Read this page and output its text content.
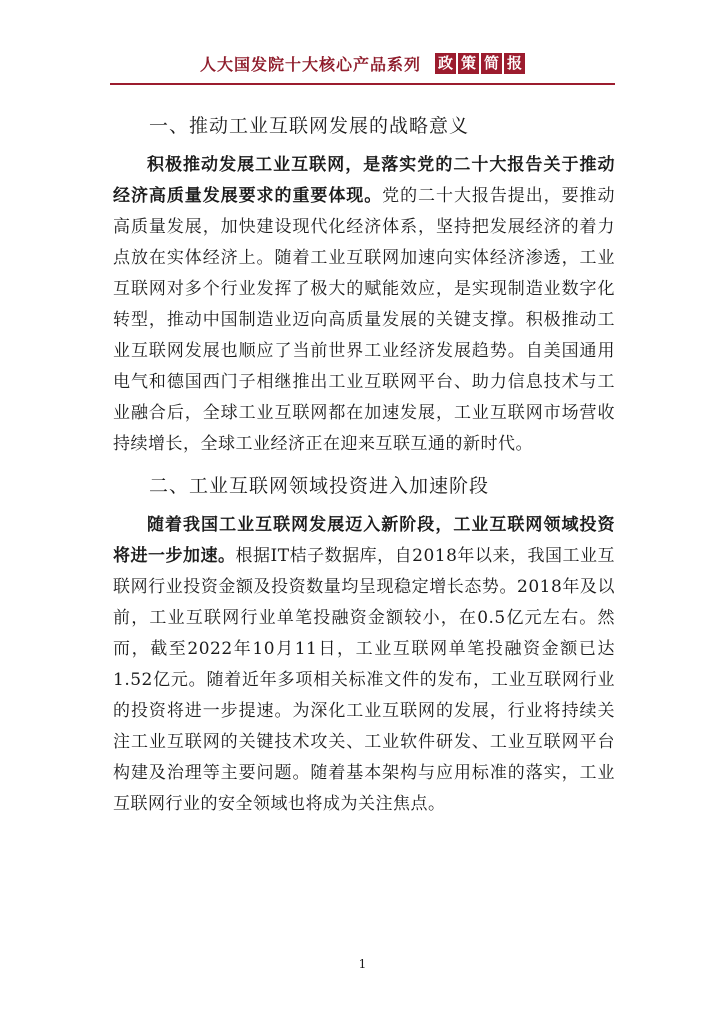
人大国发院十大核心产品系列 政 策 简 报
一、推动工业互联网发展的战略意义

积极推动发展工业互联网，是落实党的二十大报告关于推动经济高质量发展要求的重要体现。党的二十大报告提出，要推动高质量发展，加快建设现代化经济体系，坚持把发展经济的着力点放在实体经济上。随着工业互联网加速向实体经济渗透，工业互联网对多个行业发挥了极大的赋能效应，是实现制造业数字化转型，推动中国制造业迈向高质量发展的关键支撑。积极推动工业互联网发展也顺应了当前世界工业经济发展趋势。自美国通用电气和德国西门子相继推出工业互联网平台、助力信息技术与工业融合后，全球工业互联网都在加速发展，工业互联网市场营收持续增长，全球工业经济正在迎来互联互通的新时代。

二、工业互联网领域投资进入加速阶段

随着我国工业互联网发展迈入新阶段，工业互联网领域投资将进一步加速。根据IT桔子数据库，自2018年以来，我国工业互联网行业投资金额及投资数量均呈现稳定增长态势。2018年及以前，工业互联网行业单笔投融资金额较小，在0.5亿元左右。然而，截至2022年10月11日，工业互联网单笔投融资金额已达1.52亿元。随着近年多项相关标准文件的发布，工业互联网行业的投资将进一步提速。为深化工业互联网的发展，行业将持续关注工业互联网的关键技术攻关、工业软件研发、工业互联网平台构建及治理等主要问题。随着基本架构与应用标准的落实，工业互联网行业的安全领域也将成为关注焦点。

1
